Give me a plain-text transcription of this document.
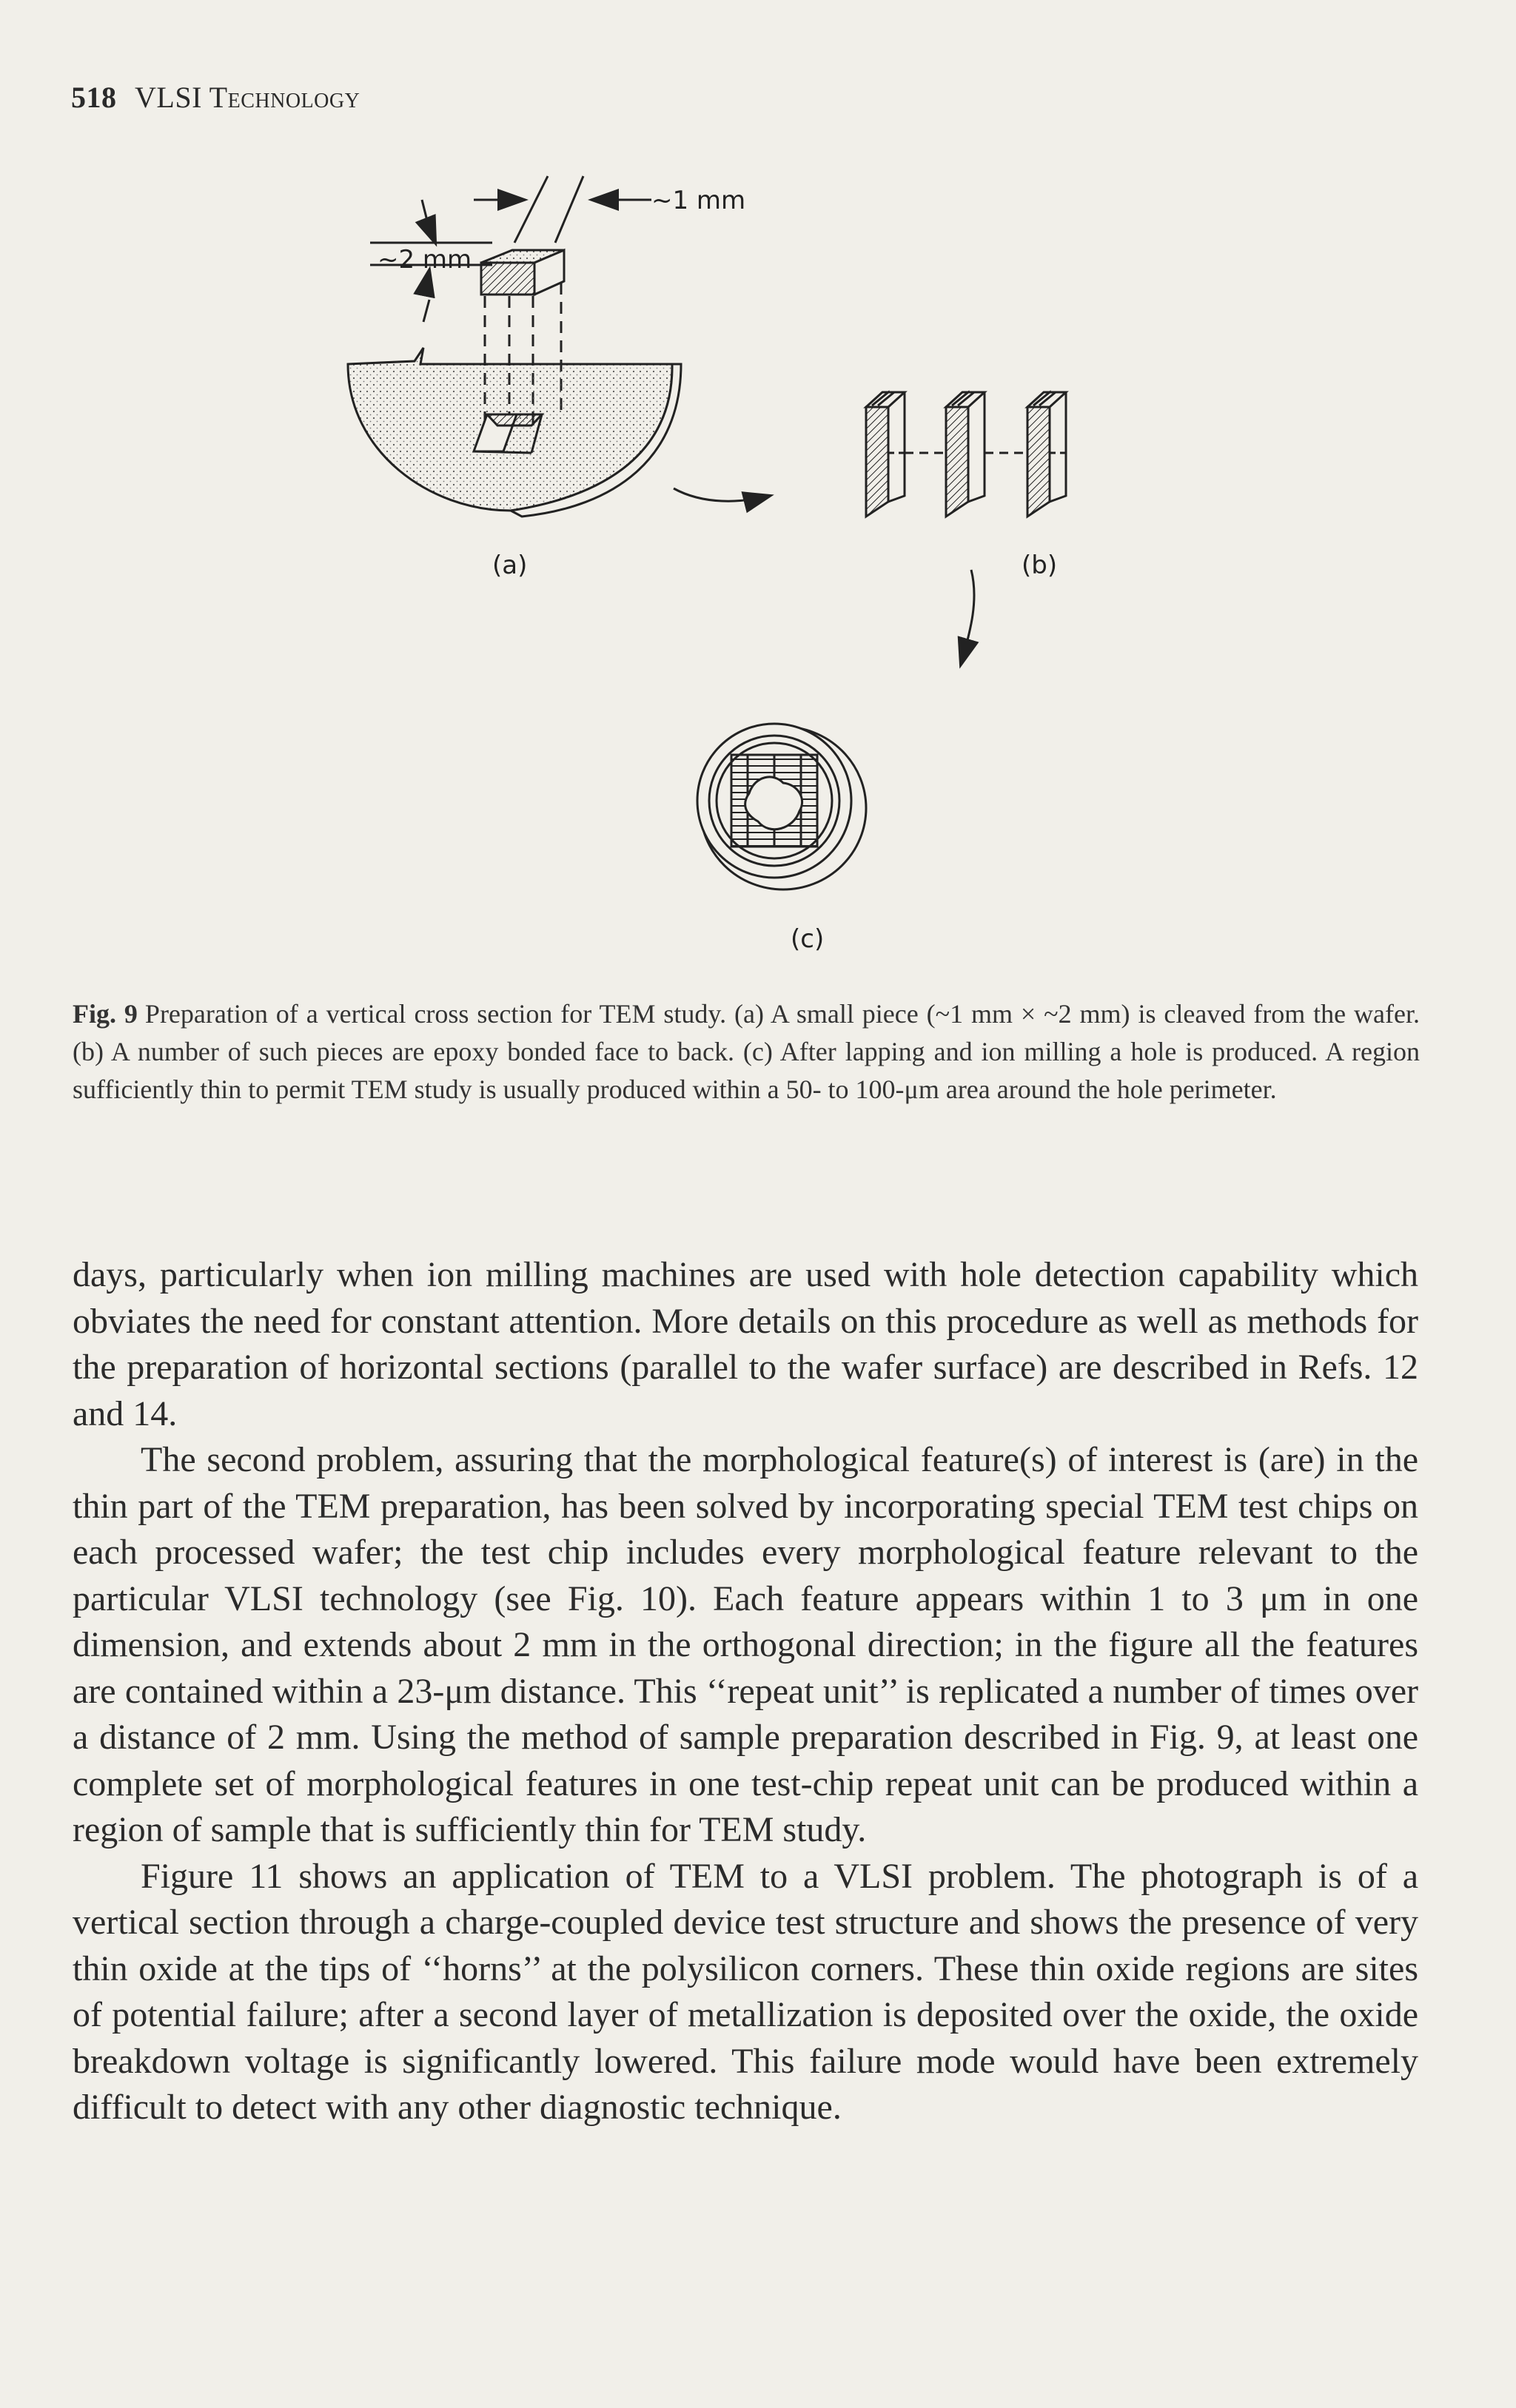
518 VLSI Technology
~1 mm
~2 mm
(a)	(b)
(c)
Fig. 9 Preparation of a vertical cross section for TEM study. (a) A small piece (~1 mm × ~2 mm) is cleaved from the wafer. (b) A number of such pieces are epoxy bonded face to back. (c) After lapping and ion milling a hole is produced. A region sufficiently thin to permit TEM study is usually produced within a 50- to 100-μm area around the hole perimeter.

days, particularly when ion milling machines are used with hole detection capability which obviates the need for constant attention. More details on this procedure as well as methods for the preparation of horizontal sections (parallel to the wafer surface) are described in Refs. 12 and 14.

The second problem, assuring that the morphological feature(s) of interest is (are) in the thin part of the TEM preparation, has been solved by incorporating special TEM test chips on each processed wafer; the test chip includes every morphological feature relevant to the particular VLSI technology (see Fig. 10). Each feature appears within 1 to 3 μm in one dimension, and extends about 2 mm in the orthogonal direction; in the figure all the features are contained within a 23-μm distance. This ‘‘repeat unit’’ is replicated a number of times over a distance of 2 mm. Using the method of sample preparation described in Fig. 9, at least one complete set of morphological features in one test-chip repeat unit can be produced within a region of sample that is sufficiently thin for TEM study.

Figure 11 shows an application of TEM to a VLSI problem. The photograph is of a vertical section through a charge-coupled device test structure and shows the presence of very thin oxide at the tips of ‘‘horns’’ at the polysilicon corners. These thin oxide regions are sites of potential failure; after a second layer of metallization is deposited over the oxide, the oxide breakdown voltage is significantly lowered. This failure mode would have been extremely difficult to detect with any other diagnostic technique.
